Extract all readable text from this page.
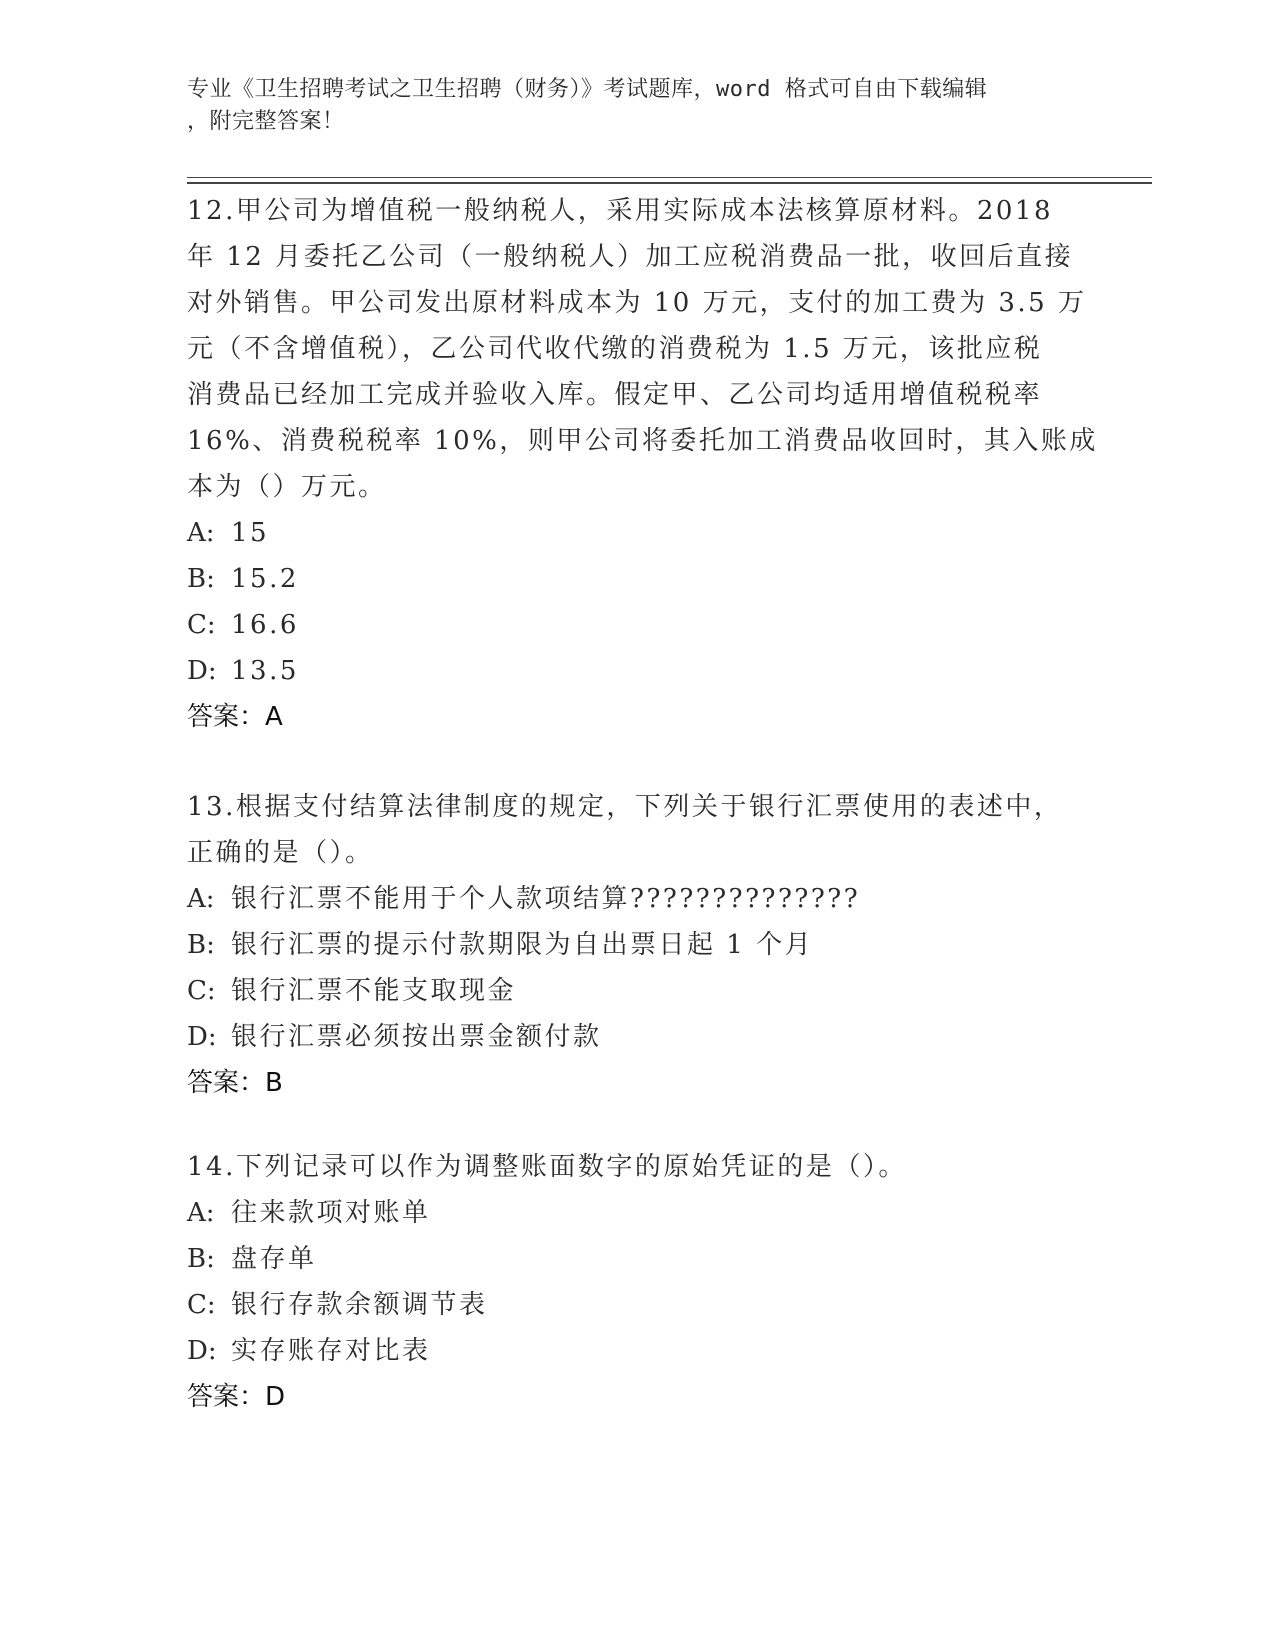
专业《卫生招聘考试之卫生招聘（财务）》考试题库，word 格式可自由下载编辑
，附完整答案！
12.甲公司为增值税一般纳税人，采用实际成本法核算原材料。2018
年 12 月委托乙公司（一般纳税人）加工应税消费品一批，收回后直接
对外销售。甲公司发出原材料成本为 10 万元，支付的加工费为 3.5 万
元（不含增值税），乙公司代收代缴的消费税为 1.5 万元，该批应税
消费品已经加工完成并验收入库。假定甲、乙公司均适用增值税税率
16%、消费税税率 10%，则甲公司将委托加工消费品收回时，其入账成
本为（）万元。
A: 15
B: 15.2
C: 16.6
D: 13.5
答案：A
13.根据支付结算法律制度的规定，下列关于银行汇票使用的表述中，
正确的是（）。
A: 银行汇票不能用于个人款项结算??????????????
B: 银行汇票的提示付款期限为自出票日起 1 个月
C: 银行汇票不能支取现金
D: 银行汇票必须按出票金额付款
答案：B
14.下列记录可以作为调整账面数字的原始凭证的是（）。
A: 往来款项对账单
B: 盘存单
C: 银行存款余额调节表
D: 实存账存对比表
答案：D
